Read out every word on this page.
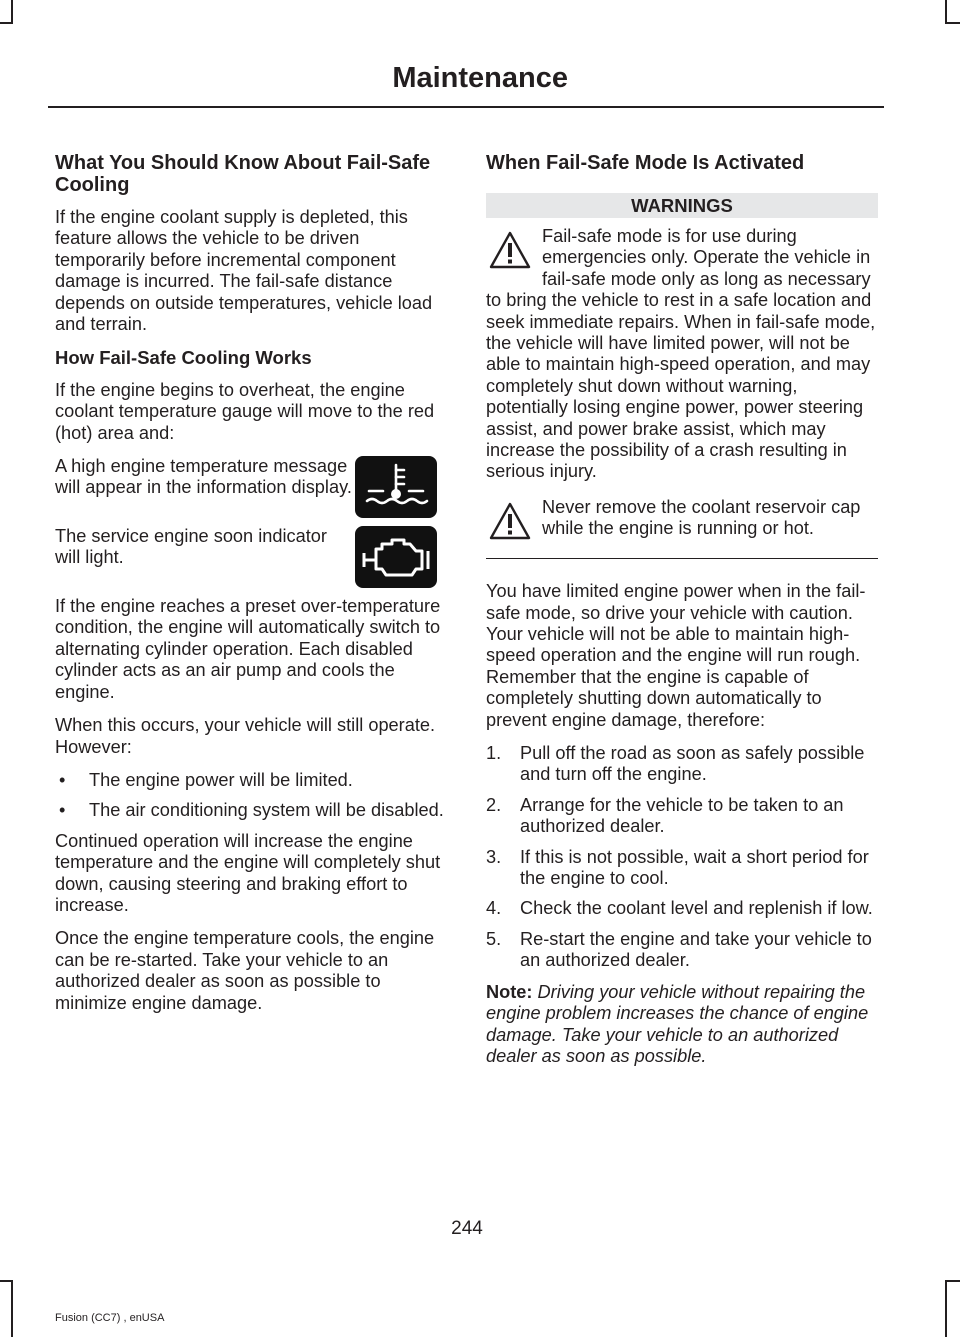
Maintenance
What You Should Know About Fail-Safe Cooling

If the engine coolant supply is depleted, this feature allows the vehicle to be driven temporarily before incremental component damage is incurred. The fail-safe distance depends on outside temperatures, vehicle load and terrain.

How Fail-Safe Cooling Works

If the engine begins to overheat, the engine coolant temperature gauge will move to the red (hot) area and:

A high engine temperature message will appear in the information display.
The service engine soon indicator will light.

If the engine reaches a preset over-temperature condition, the engine will automatically switch to alternating cylinder operation. Each disabled cylinder acts as an air pump and cools the engine.

When this occurs, your vehicle will still operate. However:

• The engine power will be limited.
• The air conditioning system will be disabled.

Continued operation will increase the engine temperature and the engine will completely shut down, causing steering and braking effort to increase.

Once the engine temperature cools, the engine can be re-started. Take your vehicle to an authorized dealer as soon as possible to minimize engine damage.

When Fail-Safe Mode Is Activated
WARNINGS

Fail-safe mode is for use during emergencies only. Operate the vehicle in fail-safe mode only as long as necessary to bring the vehicle to rest in a safe location and seek immediate repairs. When in fail-safe mode, the vehicle will have limited power, will not be able to maintain high-speed operation, and may completely shut down without warning, potentially losing engine power, power steering assist, and power brake assist, which may increase the possibility of a crash resulting in serious injury.

Never remove the coolant reservoir cap while the engine is running or hot.

You have limited engine power when in the fail-safe mode, so drive your vehicle with caution. Your vehicle will not be able to maintain high-speed operation and the engine will run rough. Remember that the engine is capable of completely shutting down automatically to prevent engine damage, therefore:

1. Pull off the road as soon as safely possible and turn off the engine.
2. Arrange for the vehicle to be taken to an authorized dealer.
3. If this is not possible, wait a short period for the engine to cool.
4. Check the coolant level and replenish if low.
5. Re-start the engine and take your vehicle to an authorized dealer.

Note: Driving your vehicle without repairing the engine problem increases the chance of engine damage. Take your vehicle to an authorized dealer as soon as possible.

244
Fusion (CC7) , enUSA
